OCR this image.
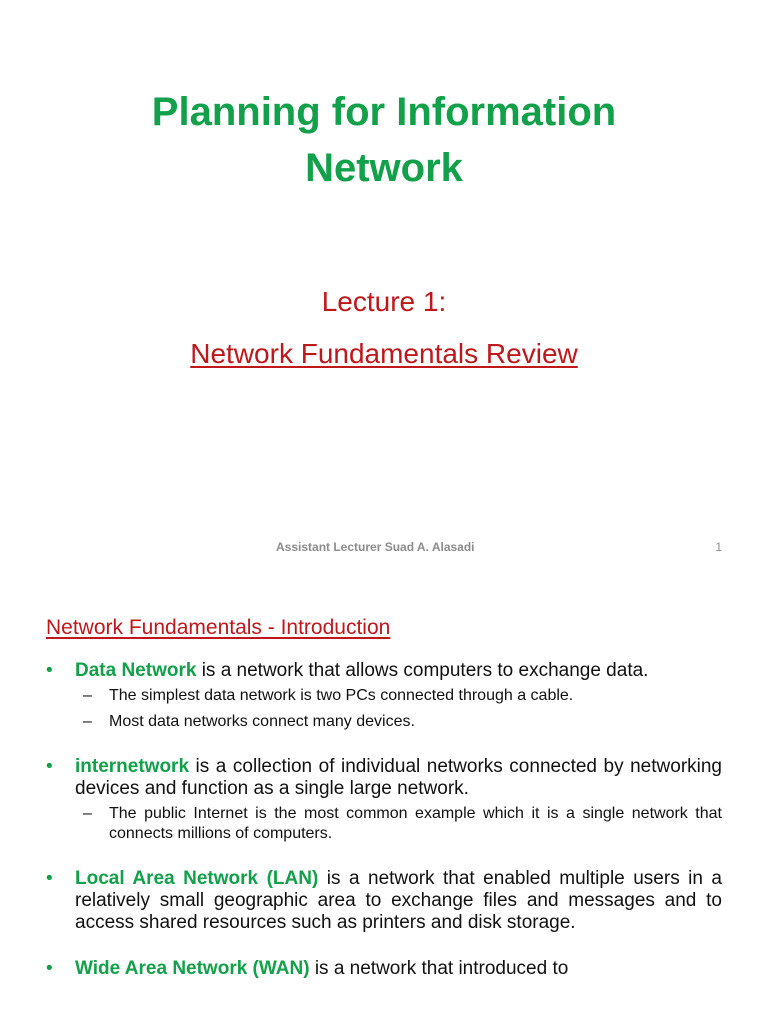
Planning for Information
Network
Lecture 1:
Network Fundamentals Review
Assistant Lecturer Suad A. Alasadi	1
Network Fundamentals - Introduction
• Data Network is a network that allows computers to exchange data.
– The simplest data network is two PCs connected through a cable.
– Most data networks connect many devices.
• internetwork is a collection of individual networks connected by networking devices and function as a single large network.
– The public Internet is the most common example which it is a single network that connects millions of computers.
• Local Area Network (LAN) is a network that enabled multiple users in a relatively small geographic area to exchange files and messages and to access shared resources such as printers and disk storage.
• Wide Area Network (WAN) is a network that introduced to
